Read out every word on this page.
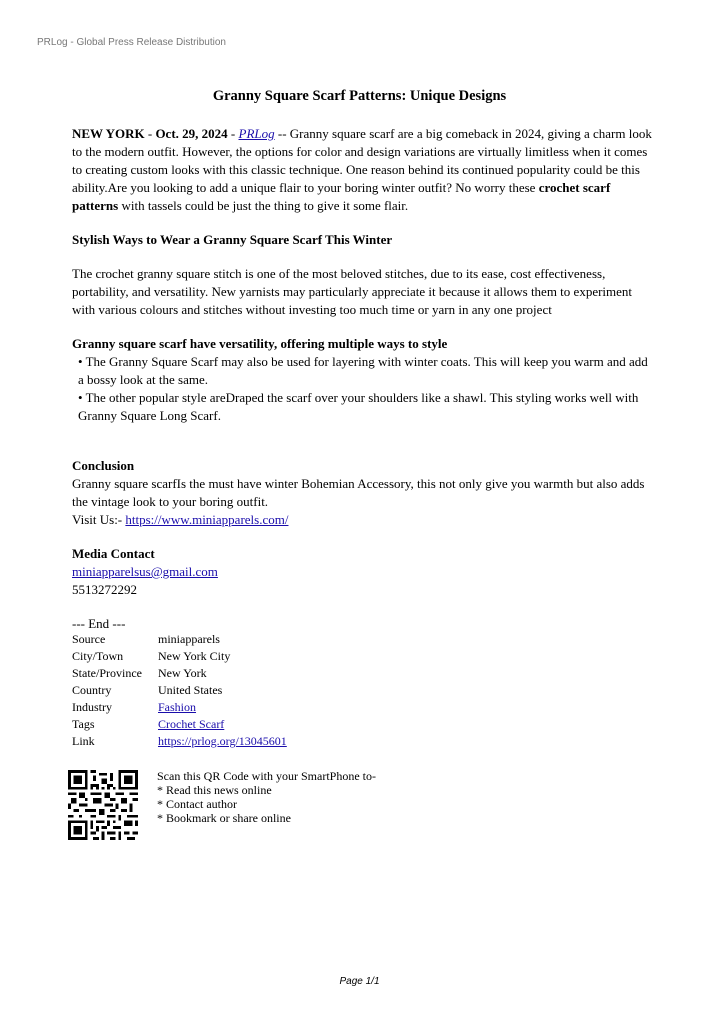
PRLog - Global Press Release Distribution
Granny Square Scarf Patterns: Unique Designs

NEW YORK - Oct. 29, 2024 - PRLog -- Granny square scarf are a big comeback in 2024, giving a charm look to the modern outfit. However, the options for color and design variations are virtually limitless when it comes to creating custom looks with this classic technique. One reason behind its continued popularity could be this ability.Are you looking to add a unique flair to your boring winter outfit? No worry these crochet scarf patterns with tassels could be just the thing to give it some flair.

Stylish Ways to Wear a Granny Square Scarf This Winter

The crochet granny square stitch is one of the most beloved stitches, due to its ease, cost effectiveness, portability, and versatility. New yarnists may particularly appreciate it because it allows them to experiment with various colours and stitches without investing too much time or yarn in any one project

Granny square scarf have versatility, offering multiple ways to style

• The Granny Square Scarf may also be used for layering with winter coats. This will keep you warm and add a bossy look at the same.

• The other popular style areDraped the scarf over your shoulders like a shawl. This styling works well with Granny Square Long Scarf.

Conclusion

Granny square scarfIs the must have winter Bohemian Accessory, this not only give you warmth but also adds the vintage look to your boring outfit.

Visit Us:- https://www.miniapparels.com/

Media Contact

miniapparelsus@gmail.com

5513272292

--- End ---

Source	miniapparels
City/Town	New York City
State/Province	New York
Country	United States
Industry	Fashion
Tags	Crochet Scarf
Link	https://prlog.org/13045601
Scan this QR Code with your SmartPhone to-
* Read this news online
* Contact author
* Bookmark or share online
Page 1/1
